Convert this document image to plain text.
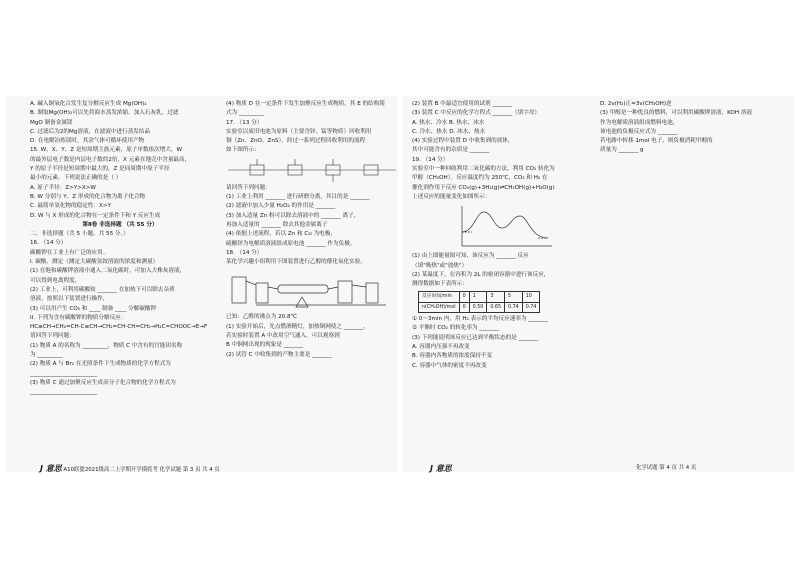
A. 碱入铜氧化合发生复分解反应生成 Mg(OH)₂
B. 制取Mg(OH)₂可以先将海水蒸发浓缩、加入石灰乳，过滤
MgO 制备金属镁
C. 过滤后为2的Mg溶液，在滤液中进行蒸发结晶
D. 在电解冶炼镁时，其余气体可循环使用产物
15. W、X、Y、Z 是短周期主族元素，原子序数依次增大，W
的最外层电子数是内层电子数的2倍，X 元素在地壳中含量最高，
Y 的原子半径是短周期中最大的，Z 是同周期中原子半径
最小的元素，下列说法正确的是（ ）
A. 原子半径：Z>Y>X>W
B. W 分别与 Y、Z 形成的化合物为离子化合物
C. 最简单氢化物的稳定性：X>Y
D. W 与 X 形成的化合物在一定条件下和 Y 反应生成
第Ⅱ卷 非选择题 （共 55 分）
二、非选择题（共 5 小题，共 55 分。）
16. （14 分）
碳酸钾在工业上有广泛的应用。
I. 碳酸、测定（测定大碳酸氢铵溶液的浓度和测量）
(1) 在饱和碳酸钾溶液中通入二氧化碳时，可加入大株灰溶液，
可以得到电离程度，
(2) 工业上，可利用碳酸铵 _______ 在加热下可以除去杂质
溶液，按照以下装置进行操作，
(3) 可以用产生 CO₂ 和 ____ 制备 ____ 分解碳酸钾
II. 下列为含有碳酸钾的物质分解反应：
HC≡CH→CH₂=CH-C≡CH→CH₂=CH-CH=CH₂→H₂C=CHOOC→E→F
请回答下列问题：
(1) 物质 A 的名称为 _________，物质 C 中含有的官能团名称
为 _________
(2) 物质 A 与 Br₂ 在光照条件下生成物质的化学方程式为
________________________
(3) 物质 C 通过加聚反应生成高分子化合物的化学方程式为
________________________
(4) 物质 D 在一定条件下发生加聚反应生成物质，其 E 的结构简
式为 _________
17. （13 分）
实验室以废旧电池为原料（主要含锌、锰等物质）回收利用
铜（Zn、ZnO、ZnS），经过一系列过程回收利用的流程
如下图所示：
请回答下列问题：
(1) 工业上利用 _______ 进行研磨分离，其目的是 _______
(2) 滤液中加入少量 H₂O₂ 的作用是 _______
(3) 加入适量 Zn 粉可以除去溶液中的 _______ 离子，
再加入适量的 _______ 除去其他金属离子
(4) 依据上述流程，若以 Zn 和 Cu 为电极，
硫酸锌为电解质溶液组成原电池 _______ 作为负极。
18. （14 分）
某化学兴趣小组利用下图装置进行乙醇的催化氧化实验。
已知：乙醛的沸点为 20.8℃
(1) 实验开始后，先点燃酒精灯，加热铜网使之 _______，
若实验时装置 A 中改用空气通入，可以观察到
B 中铜网出现的现象是 _______
(2) 试管 C 中收集到的产物主要是 _______
(2) 装置 B 中最适宜使用的试剂 _______
(3) 装置 C 中反应的化学方程式 _______（填字母）
A. 热水、冷水 B. 热水、冰水
C. 冷水、热水 D. 冰水、热水
(4) 实验过程中装置 D 中收集到的液体，
其中可能含有的杂质是 _______
19. （14 分）
实验室中一种回收利用二氧化碳的方法，利用 CO₂ 转化为
甲醇（CH₃OH）。反应温度约为 250℃，CO₂ 和 H₂ 在
催化剂作用下反应 CO₂(g)+3H₂(g)⇌CH₃OH(g)+H₂O(g)
上述反应的能量变化如图所示：
(1) 由上图能量图可知，该反应为 _______ 反应
（填"吸热"或"放热"）
(2) 某温度下，在容积为 2L 的密闭容器中进行该反应，
测得数据如下表所示：
反应时间/min	0	1	3	5	10
n(CH₃OH)/mol	0	0.50	0.65	0.74	0.74
① 0～3min 内，用 H₂ 表示的平均反应速率为 _______
② 平衡时 CO₂ 的转化率为 _______
(3) 下列能说明该反应已达到平衡状态的是 _______
A. 容器内压强不再改变
B. 容器内各物质的浓度保持不变
C. 容器中气体的密度不再改变
D. 2v(H₂)正=3v(CH₃OH)逆
(3) 甲醇是一种优良的燃料，可以利用碳酸钾溶液、KOH 溶液
作为电解质溶液组成燃料电池，
该电池的负极反应式为 _______
若电路中转移 1mol 电子，则负极消耗甲醇的
质量为 _______ g
J 意思 A10联盟2021级高二上学期开学摸底考 化学试题 第 3 页 共 4 页	J 意思	化学试题 第 4 页 共 4 页
